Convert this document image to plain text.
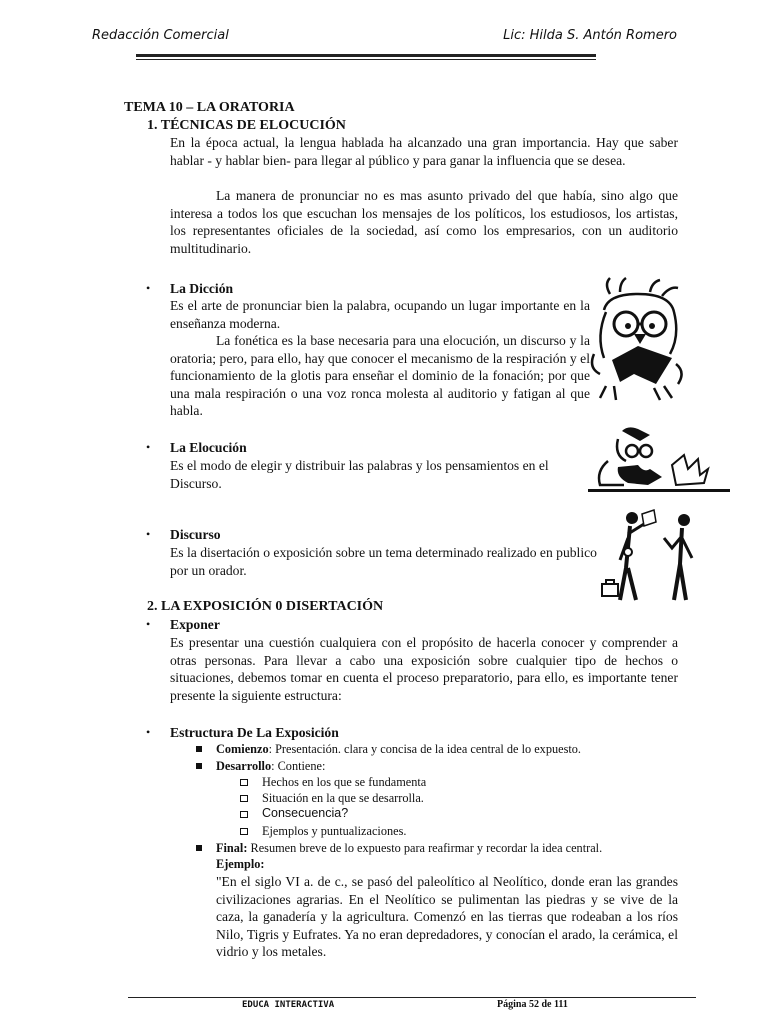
Redacción Comercial	Lic: Hilda S. Antón Romero
TEMA 10 – LA ORATORIA
1. TÉCNICAS DE ELOCUCIÓN
En la época actual, la lengua hablada ha alcanzado una gran importancia. Hay que saber hablar - y hablar bien- para llegar al público y para ganar la influencia que se desea.
La manera de pronunciar no es mas asunto privado del que había, sino algo que interesa a todos los que escuchan los mensajes de los políticos, los estudiosos, los artistas, los representantes oficiales de la sociedad, así como los empresarios, con un auditorio multitudinario.
• La Dicción
Es el arte de pronunciar bien la palabra, ocupando un lugar importante en la enseñanza moderna.
La fonética es la base necesaria para una elocución, un discurso y la oratoria; pero, para ello, hay que conocer el mecanismo de la respiración y el funcionamiento de la glotis para enseñar el dominio de la fonación; por que una mala respiración o una voz ronca molesta al auditorio y fatigan al que habla.
• La Elocución
Es el modo de elegir y distribuir las palabras y los pensamientos en el Discurso.
• Discurso
Es la disertación o exposición sobre un tema determinado realizado en publico por un orador.
2. LA EXPOSICIÓN 0 DISERTACIÓN
• Exponer
Es presentar una cuestión cualquiera con el propósito de hacerla conocer y comprender a otras personas. Para llevar a cabo una exposición sobre cualquier tipo de hechos o situaciones, debemos tomar en cuenta el proceso preparatorio, para ello, es importante tener presente la siguiente estructura:
• Estructura De La Exposición
Comienzo: Presentación. clara y concisa de la idea central de lo expuesto.
Desarrollo: Contiene:
Hechos en los que se fundamenta
Situación en la que se desarrolla.
Consecuencia?
Ejemplos y puntualizaciones.
Final: Resumen breve de lo expuesto para reafirmar y recordar la idea central.
Ejemplo:
"En el siglo VI a. de c., se pasó del paleolítico al Neolítico, donde eran las grandes civilizaciones agrarias. En el Neolítico se pulimentan las piedras y se vive de la caza, la ganadería y la agricultura. Comenzó en las tierras que rodeaban a los ríos Nilo, Tigris y Eufrates. Ya no eran depredadores, y conocían el arado, la cerámica, el vidrio y los metales.
EDUCA INTERACTIVA	Página 52 de 111
